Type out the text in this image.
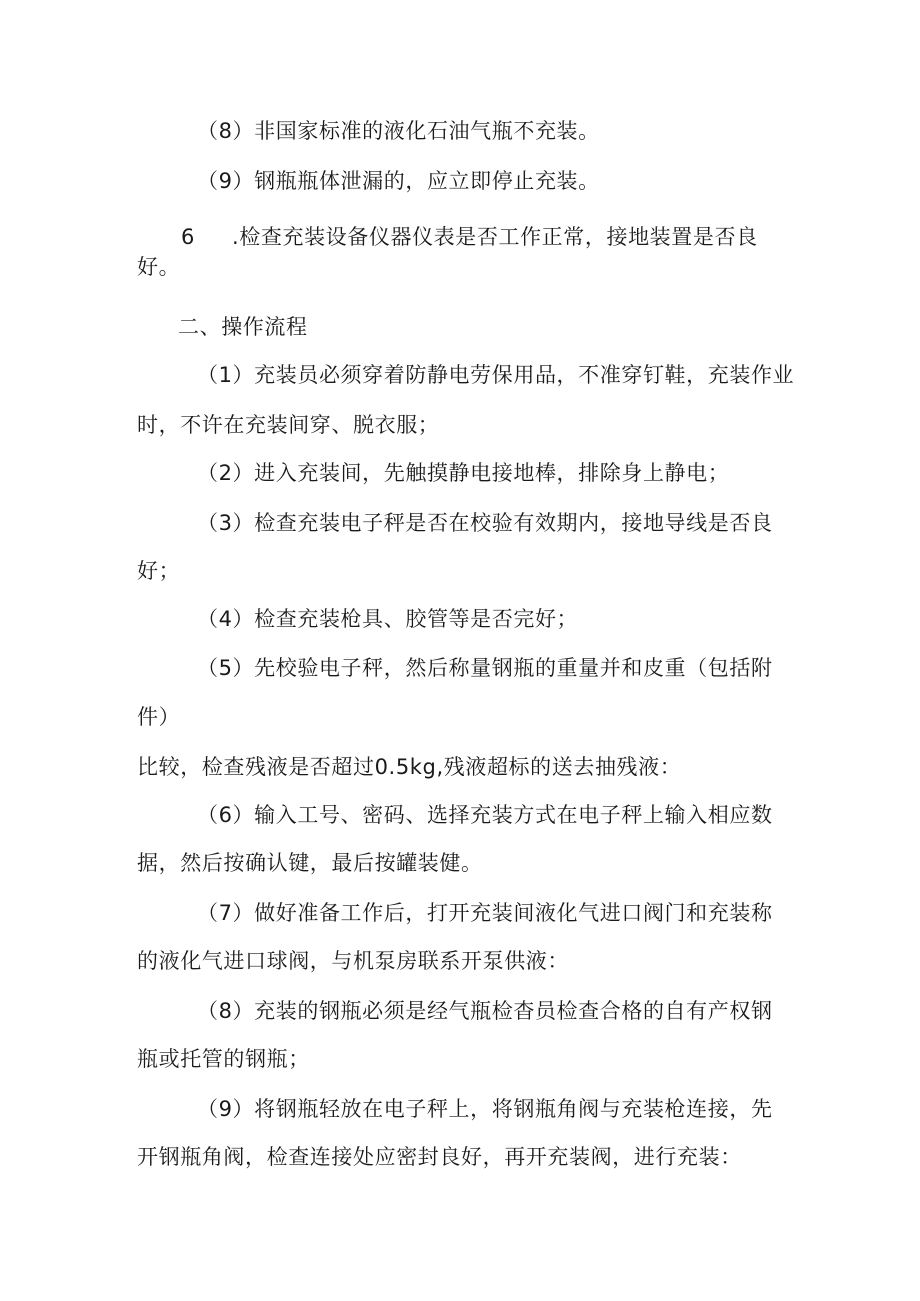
（8）非国家标准的液化石油气瓶不充装。
（9）钢瓶瓶体泄漏的，应立即停止充装。
6 .检查充装设备仪器仪表是否工作正常，接地装置是否良
好。
二、操作流程
（1）充装员必须穿着防静电劳保用品，不准穿钉鞋，充装作业
时，不许在充装间穿、脱衣服；
（2）进入充装间，先触摸静电接地棒，排除身上静电；
（3）检查充装电子秤是否在校验有效期内，接地导线是否良
好；
（4）检查充装枪具、胶管等是否完好；
（5）先校验电子秤，然后称量钢瓶的重量并和皮重（包括附
件）
比较，检查残液是否超过0.5kg,残液超标的送去抽残液：
（6）输入工号、密码、选择充装方式在电子秤上输入相应数
据，然后按确认键，最后按罐装健。
（7）做好准备工作后，打开充装间液化气进口阀门和充装称
的液化气进口球阀，与机泵房联系开泵供液：
（8）充装的钢瓶必须是经气瓶检杳员检查合格的自有产权钢
瓶或托管的钢瓶；
（9）将钢瓶轻放在电子秤上，将钢瓶角阀与充装枪连接，先
开钢瓶角阀，检查连接处应密封良好，再开充装阀，进行充装：
